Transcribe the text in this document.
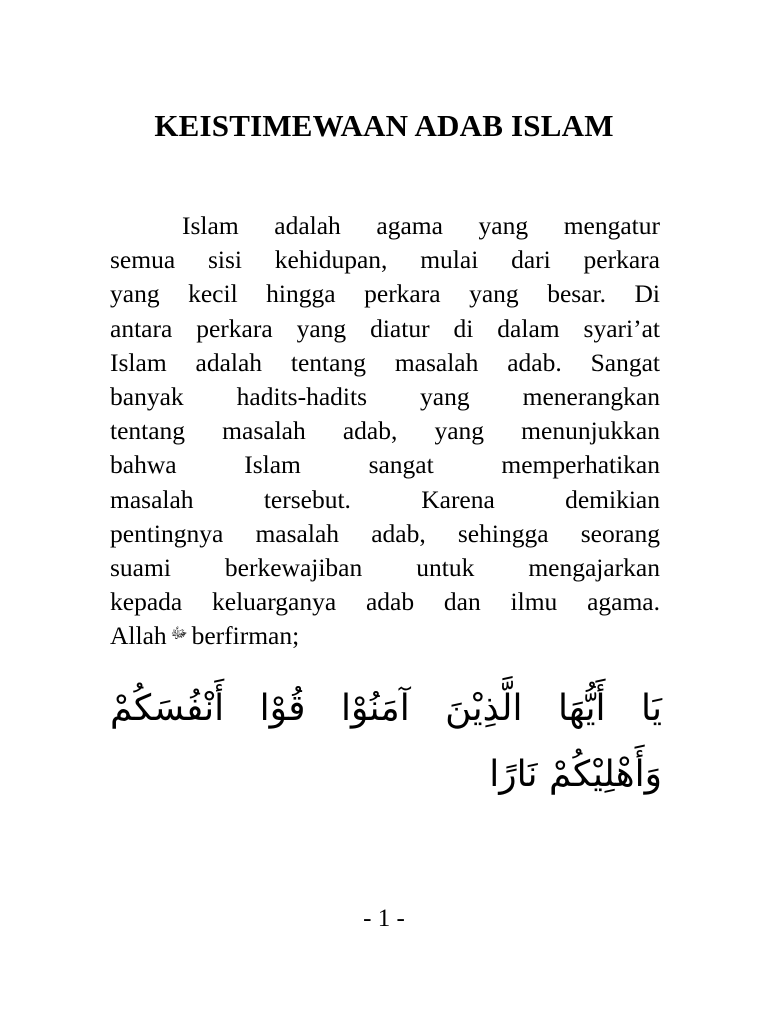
KEISTIMEWAAN ADAB ISLAM
Islam adalah agama yang mengatur
semua sisi kehidupan, mulai dari perkara
yang kecil hingga perkara yang besar. Di
antara perkara yang diatur di dalam syari’at
Islam adalah tentang masalah adab. Sangat
banyak hadits-hadits yang menerangkan
tentang masalah adab, yang menunjukkan
bahwa Islam sangat memperhatikan
masalah tersebut. Karena demikian
pentingnya masalah adab, sehingga seorang
suami berkewajiban untuk mengajarkan
kepada keluarganya adab dan ilmu agama.
Allah ﷻ berfirman;
يَا أَيُّهَا الَّذِيْنَ آمَنُوْا قُوْا أَنْفُسَكُمْ
وَأَهْلِيْكُمْ نَارًا
- 1 -
